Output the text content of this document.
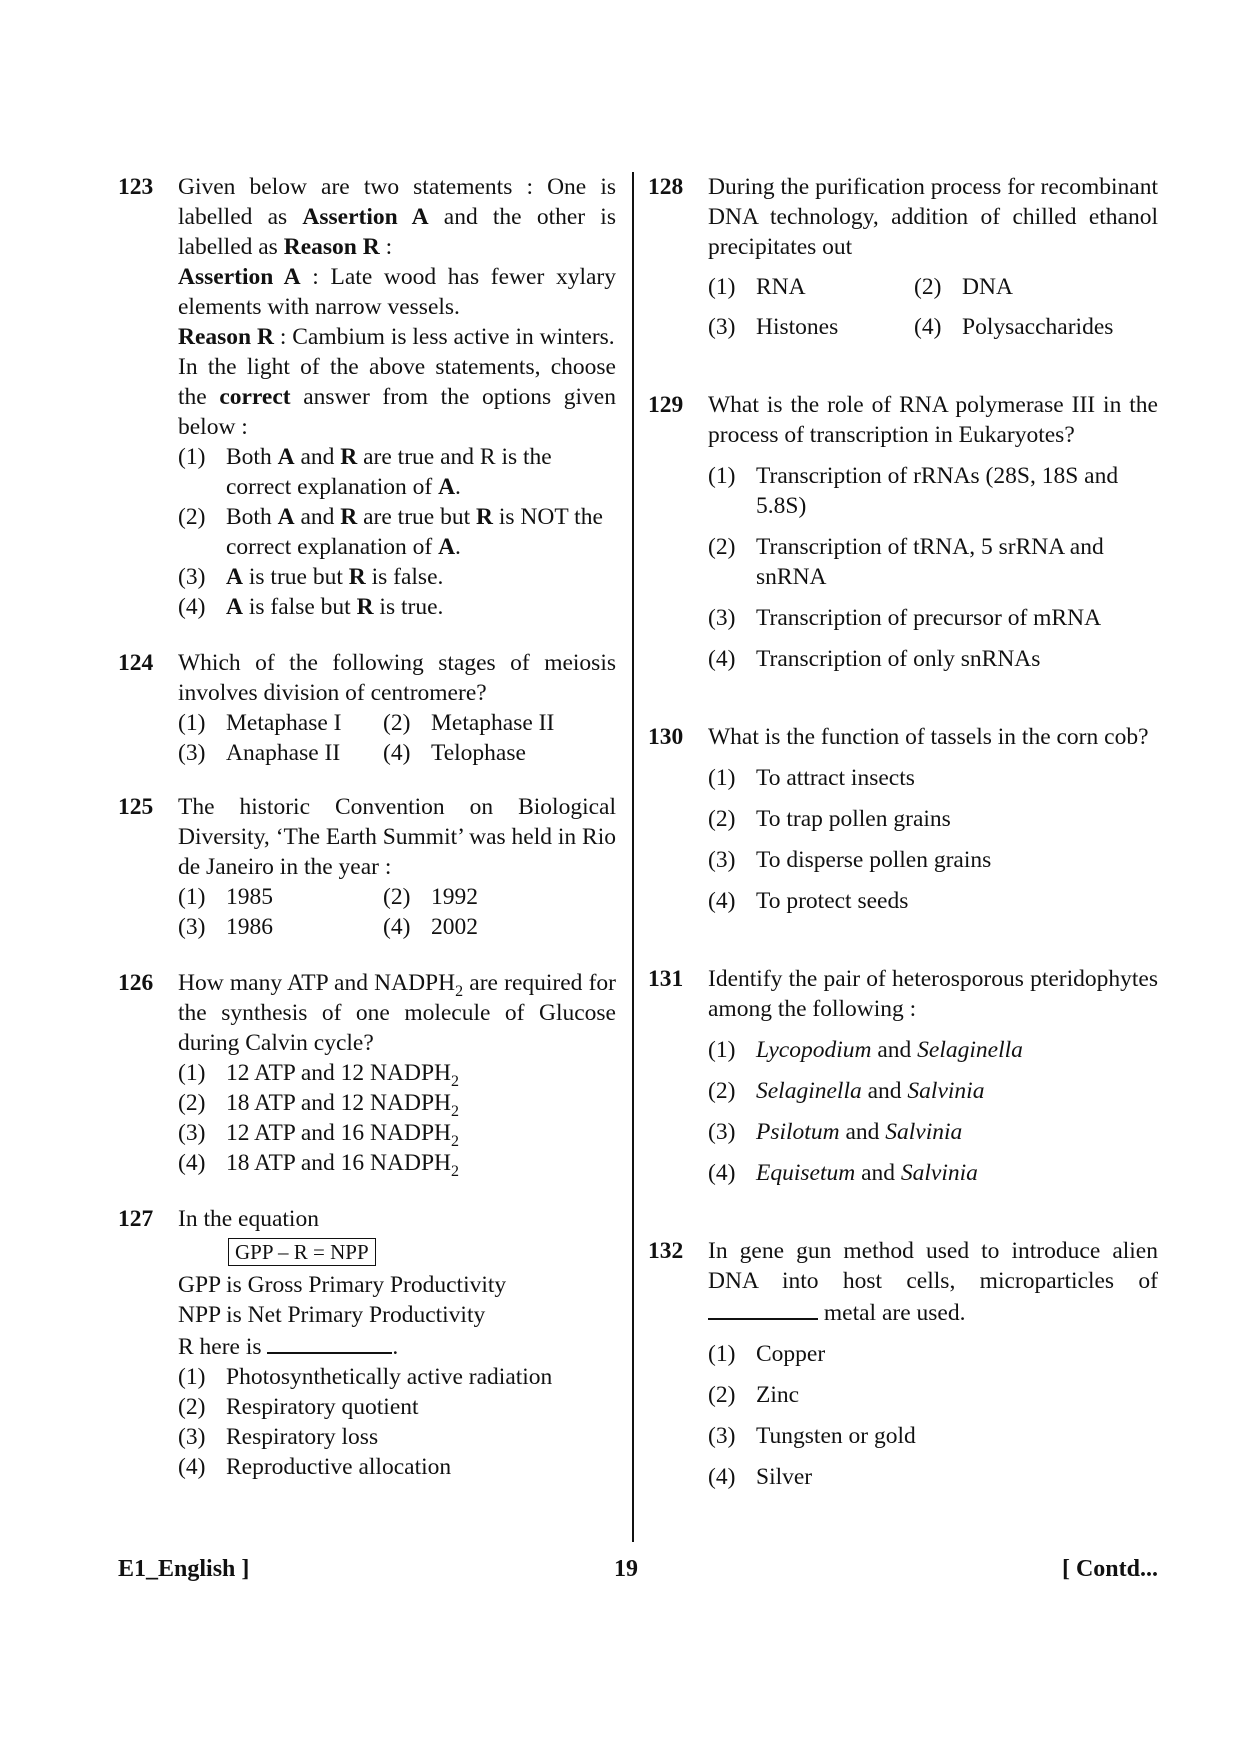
123 Given below are two statements : One is labelled as Assertion A and the other is labelled as Reason R :
Assertion A : Late wood has fewer xylary elements with narrow vessels.
Reason R : Cambium is less active in winters.
In the light of the above statements, choose the correct answer from the options given below :
(1) Both A and R are true and R is the correct explanation of A.
(2) Both A and R are true but R is NOT the correct explanation of A.
(3) A is true but R is false.
(4) A is false but R is true.
124 Which of the following stages of meiosis involves division of centromere?
(1) Metaphase I	(2) Metaphase II
(3) Anaphase II	(4) Telophase
125 The historic Convention on Biological Diversity, ‘The Earth Summit’ was held in Rio de Janeiro in the year :
(1) 1985	(2) 1992
(3) 1986	(4) 2002
126 How many ATP and $NADPH_2$ are required for the synthesis of one molecule of Glucose during Calvin cycle?
(1) 12 ATP and 12 $NADPH_2$
(2) 18 ATP and 12 $NADPH_2$
(3) 12 ATP and 16 $NADPH_2$
(4) 18 ATP and 16 $NADPH_2$
127 In the equation
GPP – R = NPP
GPP is Gross Primary Productivity
NPP is Net Primary Productivity
R here is	.
(1) Photosynthetically active radiation
(2) Respiratory quotient
(3) Respiratory loss
(4) Reproductive allocation
128 During the purification process for recombinant DNA technology, addition of chilled ethanol precipitates out
(1) RNA	(2) DNA
(3) Histones	(4) Polysaccharides
129 What is the role of RNA polymerase III in the process of transcription in Eukaryotes?
(1) Transcription of rRNAs (28S, 18S and 5.8S)
(2) Transcription of tRNA, 5 srRNA and snRNA
(3) Transcription of precursor of mRNA
(4) Transcription of only snRNAs
130 What is the function of tassels in the corn cob?
(1) To attract insects
(2) To trap pollen grains
(3) To disperse pollen grains
(4) To protect seeds
131 Identify the pair of heterosporous pteridophytes among the following :
(1) Lycopodium and Selaginella
(2) Selaginella and Salvinia
(3) Psilotum and Salvinia
(4) Equisetum and Salvinia
132 In gene gun method used to introduce alien DNA into host cells, microparticles of  metal are used.
(1) Copper
(2) Zinc
(3) Tungsten or gold
(4) Silver
E1_English ]	19	[ Contd...
